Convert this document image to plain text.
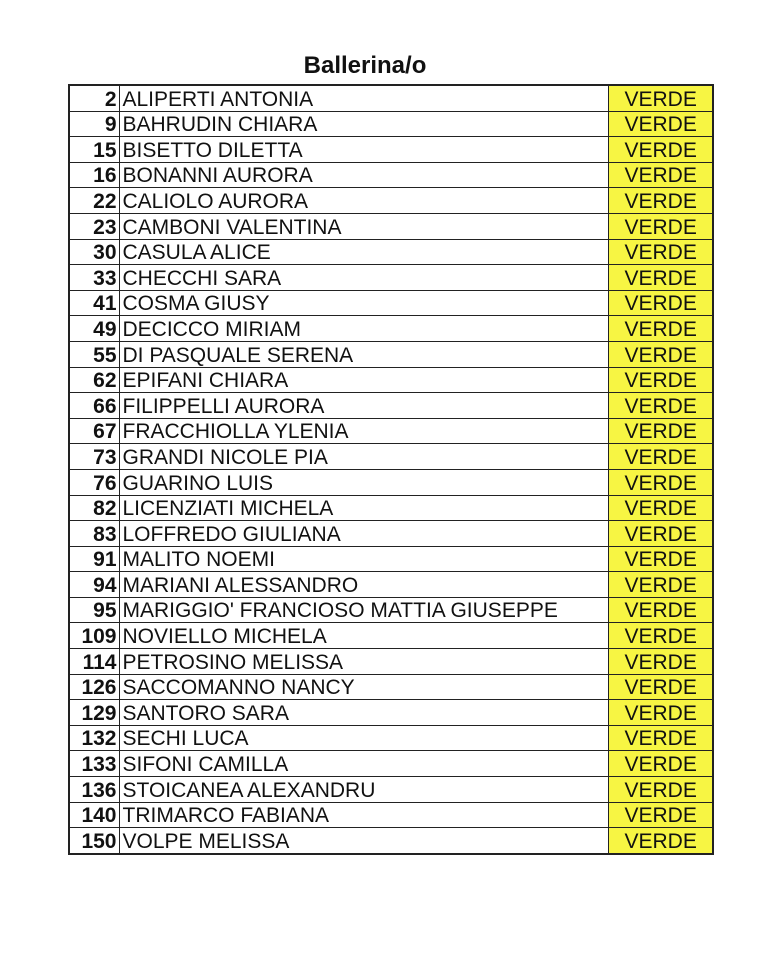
Ballerina/o
2	ALIPERTI ANTONIA	VERDE
9	BAHRUDIN CHIARA	VERDE
15	BISETTO DILETTA	VERDE
16	BONANNI AURORA	VERDE
22	CALIOLO AURORA	VERDE
23	CAMBONI VALENTINA	VERDE
30	CASULA ALICE	VERDE
33	CHECCHI SARA	VERDE
41	COSMA GIUSY	VERDE
49	DECICCO MIRIAM	VERDE
55	DI PASQUALE SERENA	VERDE
62	EPIFANI CHIARA	VERDE
66	FILIPPELLI AURORA	VERDE
67	FRACCHIOLLA YLENIA	VERDE
73	GRANDI NICOLE PIA	VERDE
76	GUARINO LUIS	VERDE
82	LICENZIATI MICHELA	VERDE
83	LOFFREDO GIULIANA	VERDE
91	MALITO NOEMI	VERDE
94	MARIANI ALESSANDRO	VERDE
95	MARIGGIO' FRANCIOSO MATTIA GIUSEPPE	VERDE
109	NOVIELLO MICHELA	VERDE
114	PETROSINO MELISSA	VERDE
126	SACCOMANNO NANCY	VERDE
129	SANTORO SARA	VERDE
132	SECHI LUCA	VERDE
133	SIFONI CAMILLA	VERDE
136	STOICANEA ALEXANDRU	VERDE
140	TRIMARCO FABIANA	VERDE
150	VOLPE MELISSA	VERDE
